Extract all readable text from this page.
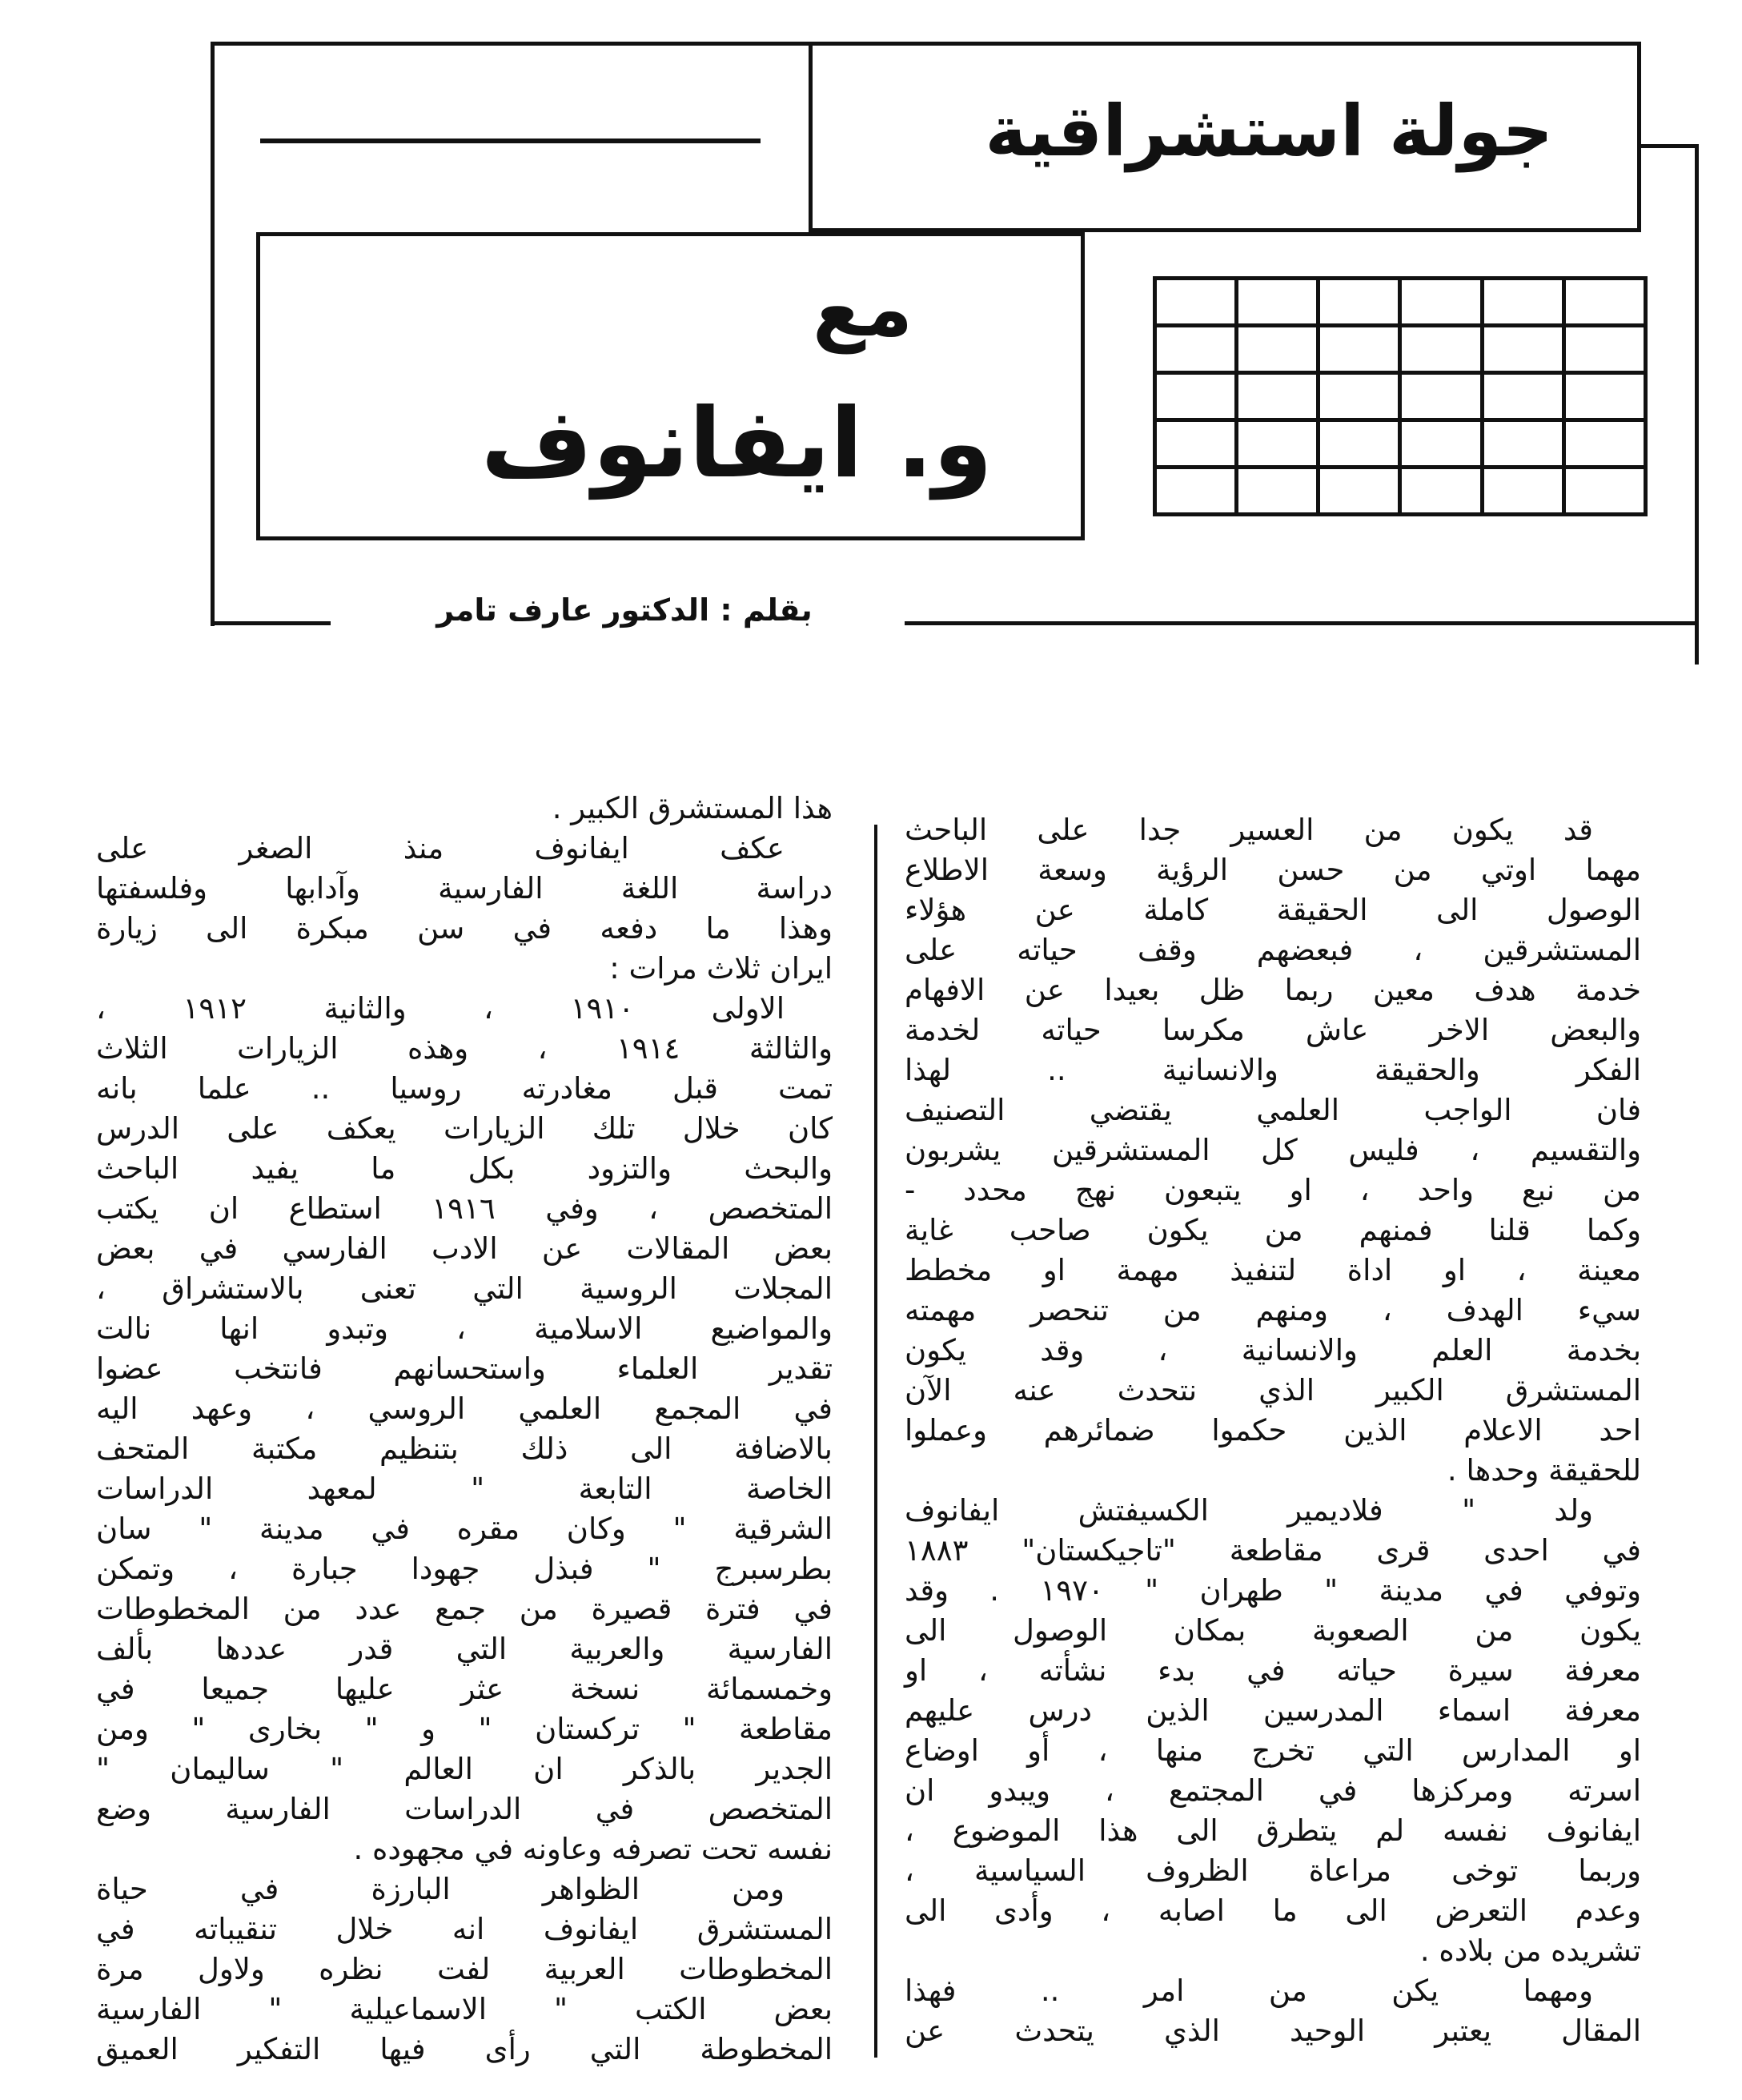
جولة استشراقية
مع
و. ايفانوف

بقلم : الدكتور عارف تامر
قد يكون من العسير جدا على الباحث
مهما اوتي من حسن الرؤية وسعة الاطلاع
الوصول الى الحقيقة كاملة عن هؤلاء
المستشرقين ، فبعضهم وقف حياته على
خدمة هدف معين ربما ظل بعيدا عن الافهام
والبعض الاخر عاش مكرسا حياته لخدمة
الفكر والحقيقة والانسانية .. لهذا
فان الواجب العلمي يقتضي التصنيف
والتقسيم ، فليس كل المستشرقين يشربون
من نبع واحد ، او يتبعون نهج محدد -
وكما قلنا فمنهم من يكون صاحب غاية
معينة ، او اداة لتنفيذ مهمة او مخطط
سيء الهدف ، ومنهم من تنحصر مهمته
بخدمة العلم والانسانية ، وقد يكون
المستشرق الكبير الذي نتحدث عنه الآن
احد الاعلام الذين حكموا ضمائرهم وعملوا
للحقيقة وحدها .
ولد " فلاديمير الكسيفتش ايفانوف
في احدى قرى مقاطعة "تاجيكستان" ١٨٨٣
وتوفي في مدينة " طهران " ١٩٧٠ . وقد
يكون من الصعوبة بمكان الوصول الى
معرفة سيرة حياته في بدء نشأته ، او
معرفة اسماء المدرسين الذين درس عليهم
او المدارس التي تخرج منها ، أو اوضاع
اسرته ومركزها في المجتمع ، ويبدو ان
ايفانوف نفسه لم يتطرق الى هذا الموضوع ،
وربما توخى مراعاة الظروف السياسية ،
وعدم التعرض الى ما اصابه ، وأدى الى
تشريده من بلاده .
ومهما يكن من امر .. فهذا
المقال يعتبر الوحيد الذي يتحدث عن
هذا المستشرق الكبير .
عكف ايفانوف منذ الصغر على
دراسة اللغة الفارسية وآدابها وفلسفتها
وهذا ما دفعه في سن مبكرة الى زيارة
ايران ثلاث مرات :
الاولى ١٩١٠ ، والثانية ١٩١٢ ،
والثالثة ١٩١٤ ، وهذه الزيارات الثلاث
تمت قبل مغادرته روسيا .. علما بانه
كان خلال تلك الزيارات يعكف على الدرس
والبحث والتزود بكل ما يفيد الباحث
المتخصص ، وفي ١٩١٦ استطاع ان يكتب
بعض المقالات عن الادب الفارسي في بعض
المجلات الروسية التي تعنى بالاستشراق ،
والمواضيع الاسلامية ، وتبدو انها نالت
تقدير العلماء واستحسانهم فانتخب عضوا
في المجمع العلمي الروسي ، وعهد اليه
بالاضافة الى ذلك بتنظيم مكتبة المتحف
الخاصة التابعة " لمعهد الدراسات
الشرقية " وكان مقره في مدينة " سان
بطرسبرج " فبذل جهودا جبارة ، وتمكن
في فترة قصيرة من جمع عدد من المخطوطات
الفارسية والعربية التي قدر عددها بألف
وخمسمائة نسخة عثر عليها جميعا في
مقاطعة " تركستان " و " بخارى " ومن
الجدير بالذكر ان العالم " ساليمان "
المتخصص في الدراسات الفارسية وضع
نفسه تحت تصرفه وعاونه في مجهوده .
ومن الظواهر البارزة في حياة
المستشرق ايفانوف انه خلال تنقيباته في
المخطوطات العربية لفت نظره ولاول مرة
بعض الكتب " الاسماعيلية " الفارسية
المخطوطة التي رأى فيها التفكير العميق
